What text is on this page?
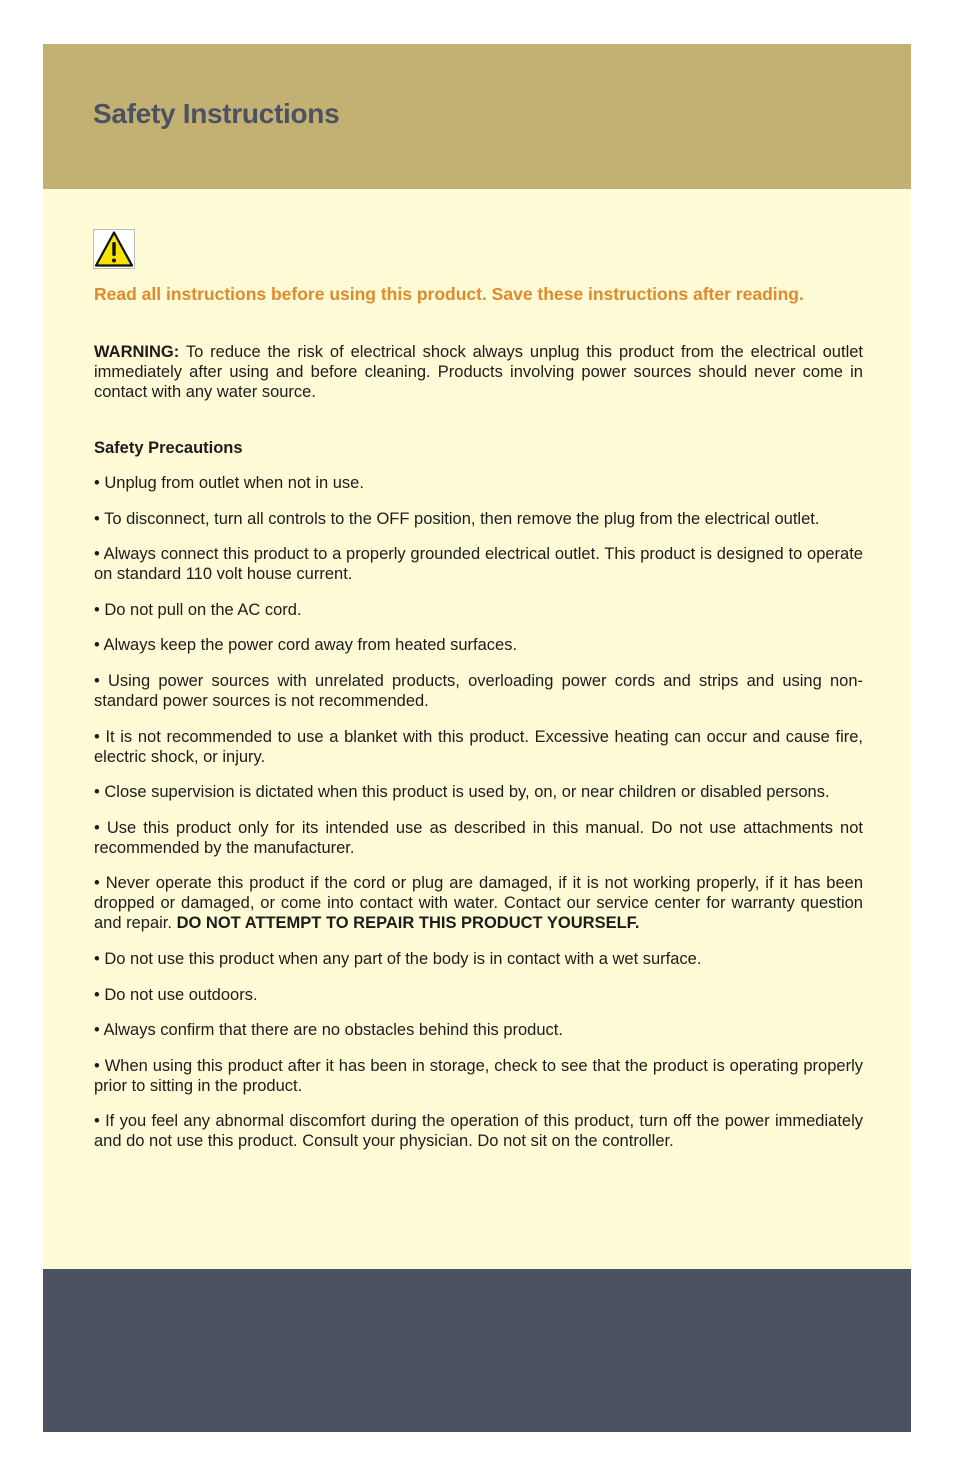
Safety Instructions

Read all instructions before using this product. Save these instructions after reading.

WARNING: To reduce the risk of electrical shock always unplug this product from the electrical outlet immediately after using and before cleaning. Products involving power sources should never come in contact with any water source.

Safety Precautions

• Unplug from outlet when not in use.
• To disconnect, turn all controls to the OFF position, then remove the plug from the electrical outlet.
• Always connect this product to a properly grounded electrical outlet. This product is designed to operate on standard 110 volt house current.
• Do not pull on the AC cord.
• Always keep the power cord away from heated surfaces.
• Using power sources with unrelated products, overloading power cords and strips and using non-standard power sources is not recommended.
• It is not recommended to use a blanket with this product. Excessive heating can occur and cause fire, electric shock, or injury.
• Close supervision is dictated when this product is used by, on, or near children or disabled persons.
• Use this product only for its intended use as described in this manual. Do not use attachments not recommended by the manufacturer.
• Never operate this product if the cord or plug are damaged, if it is not working properly, if it has been dropped or damaged, or come into contact with water. Contact our service center for warranty question and repair. DO NOT ATTEMPT TO REPAIR THIS PRODUCT YOURSELF.
• Do not use this product when any part of the body is in contact with a wet surface.
• Do not use outdoors.
• Always confirm that there are no obstacles behind this product.
• When using this product after it has been in storage, check to see that the product is operating properly prior to sitting in the product.
• If you feel any abnormal discomfort during the operation of this product, turn off the power immediately and do not use this product. Consult your physician. Do not sit on the controller.
